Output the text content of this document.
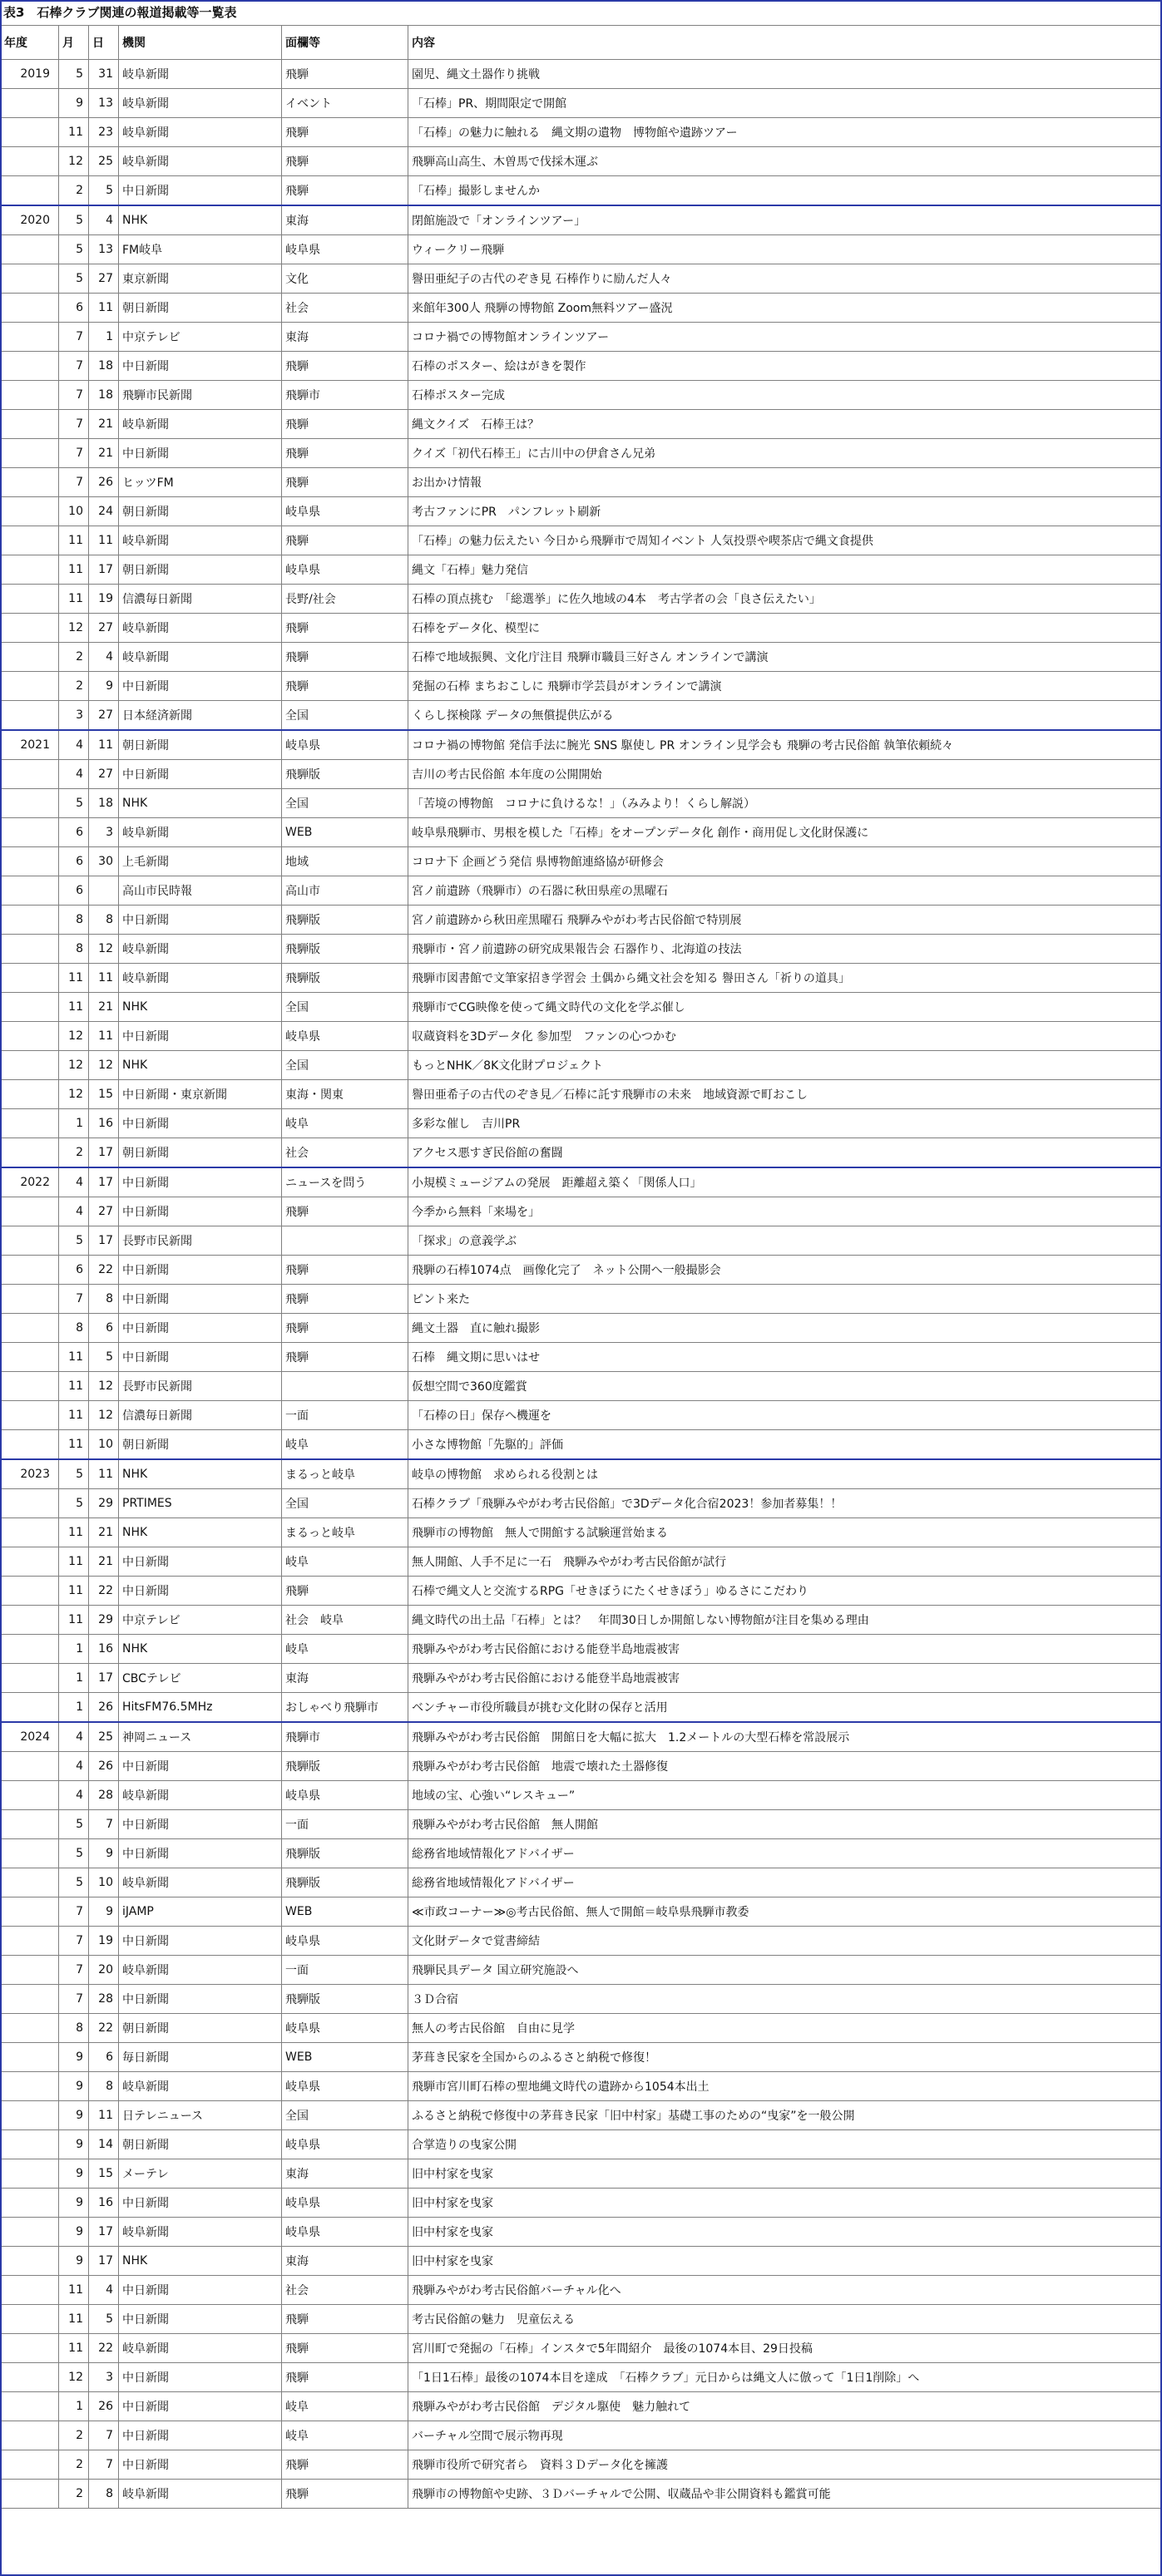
表3　石棒クラブ関連の報道掲載等一覧表
年度	月	日	機関	面欄等	内容
2019	5	31	岐阜新聞	飛騨	園児、縄文土器作り挑戦
	9	13	岐阜新聞	イベント	「石棒」PR、期間限定で開館
	11	23	岐阜新聞	飛騨	「石棒」の魅力に触れる　縄文期の遺物　博物館や遺跡ツアー
	12	25	岐阜新聞	飛騨	飛騨高山高生、木曽馬で伐採木運ぶ
	2	5	中日新聞	飛騨	「石棒」撮影しませんか
2020	5	4	NHK	東海	閉館施設で「オンラインツアー」
	5	13	FM岐阜	岐阜県	ウィークリー飛騨
	5	27	東京新聞	文化	譽田亜紀子の古代のぞき見 石棒作りに励んだ人々
	6	11	朝日新聞	社会	来館年300人 飛騨の博物館 Zoom無料ツアー盛況
	7	1	中京テレビ	東海	コロナ禍での博物館オンラインツアー
	7	18	中日新聞	飛騨	石棒のポスター、絵はがきを製作
	7	18	飛騨市民新聞	飛騨市	石棒ポスター完成
	7	21	岐阜新聞	飛騨	縄文クイズ　石棒王は？
	7	21	中日新聞	飛騨	クイズ「初代石棒王」に古川中の伊倉さん兄弟
	7	26	ヒッツFM	飛騨	お出かけ情報
	10	24	朝日新聞	岐阜県	考古ファンにPR　パンフレット刷新
	11	11	岐阜新聞	飛騨	「石棒」の魅力伝えたい 今日から飛騨市で周知イベント 人気投票や喫茶店で縄文食提供
	11	17	朝日新聞	岐阜県	縄文「石棒」魅力発信
	11	19	信濃毎日新聞	長野/社会	石棒の頂点挑む　「総選挙」に佐久地域の4本　考古学者の会「良さ伝えたい」
	12	27	岐阜新聞	飛騨	石棒をデータ化、模型に
	2	4	岐阜新聞	飛騨	石棒で地域振興、文化庁注目 飛騨市職員三好さん オンラインで講演
	2	9	中日新聞	飛騨	発掘の石棒 まちおこしに 飛騨市学芸員がオンラインで講演
	3	27	日本経済新聞	全国	くらし探検隊 データの無償提供広がる
2021	4	11	朝日新聞	岐阜県	コロナ禍の博物館 発信手法に腕光 SNS 駆使し PR オンライン見学会も 飛騨の考古民俗館 執筆依頼続々
	4	27	中日新聞	飛騨版	吉川の考古民俗館 本年度の公開開始
	5	18	NHK	全国	「苦境の博物館　コロナに負けるな！」（みみより！くらし解説）
	6	3	岐阜新聞	WEB	岐阜県飛騨市、男根を模した「石棒」をオープンデータ化 創作・商用促し文化財保護に
	6	30	上毛新聞	地域	コロナ下 企画どう発信 県博物館連絡協が研修会
	6		高山市民時報	高山市	宮ノ前遺跡（飛騨市）の石器に秋田県産の黒曜石
	8	8	中日新聞	飛騨版	宮ノ前遺跡から秋田産黒曜石 飛騨みやがわ考古民俗館で特別展
	8	12	岐阜新聞	飛騨版	飛騨市・宮ノ前遺跡の研究成果報告会 石器作り、北海道の技法
	11	11	岐阜新聞	飛騨版	飛騨市図書館で文筆家招き学習会 土偶から縄文社会を知る 譽田さん「祈りの道具」
	11	21	NHK	全国	飛騨市でCG映像を使って縄文時代の文化を学ぶ催し
	12	11	中日新聞	岐阜県	収蔵資料を3Dデータ化 参加型　ファンの心つかむ
	12	12	NHK	全国	もっとNHK／8K文化財プロジェクト
	12	15	中日新聞・東京新聞	東海・関東	譽田亜希子の古代のぞき見／石棒に託す飛騨市の未来　地域資源で町おこし
	1	16	中日新聞	岐阜	多彩な催し　吉川PR
	2	17	朝日新聞	社会	アクセス悪すぎ民俗館の奮闘
2022	4	17	中日新聞	ニュースを問う	小規模ミュージアムの発展　距離超え築く「関係人口」
	4	27	中日新聞	飛騨	今季から無料「来場を」
	5	17	長野市民新聞		「探求」の意義学ぶ
	6	22	中日新聞	飛騨	飛騨の石棒1074点　画像化完了　ネット公開へ一般撮影会
	7	8	中日新聞	飛騨	ピント来た
	8	6	中日新聞	飛騨	縄文土器　直に触れ撮影
	11	5	中日新聞	飛騨	石棒　縄文期に思いはせ
	11	12	長野市民新聞		仮想空間で360度鑑賞
	11	12	信濃毎日新聞	一面	「石棒の日」保存へ機運を
	11	10	朝日新聞	岐阜	小さな博物館「先駆的」評価
2023	5	11	NHK	まるっと岐阜	岐阜の博物館　求められる役割とは
	5	29	PRTIMES	全国	石棒クラブ「飛騨みやがわ考古民俗館」で3Dデータ化合宿2023！参加者募集！！
	11	21	NHK	まるっと岐阜	飛騨市の博物館　無人で開館する試験運営始まる
	11	21	中日新聞	岐阜	無人開館、人手不足に一石　飛騨みやがわ考古民俗館が試行
	11	22	中日新聞	飛騨	石棒で縄文人と交流するRPG「せきぼうにたくせきぼう」ゆるさにこだわり
	11	29	中京テレビ	社会　岐阜	縄文時代の出土品「石棒」とは？　年間30日しか開館しない博物館が注目を集める理由
	1	16	NHK	岐阜	飛騨みやがわ考古民俗館における能登半島地震被害
	1	17	CBCテレビ	東海	飛騨みやがわ考古民俗館における能登半島地震被害
	1	26	HitsFM76.5MHz	おしゃべり飛騨市	ベンチャー市役所職員が挑む文化財の保存と活用
2024	4	25	神岡ニュース	飛騨市	飛騨みやがわ考古民俗館　開館日を大幅に拡大　1.2メートルの大型石棒を常設展示
	4	26	中日新聞	飛騨版	飛騨みやがわ考古民俗館　地震で壊れた土器修復
	4	28	岐阜新聞	岐阜県	地域の宝、心強い“レスキュー”
	5	7	中日新聞	一面	飛騨みやがわ考古民俗館　無人開館
	5	9	中日新聞	飛騨版	総務省地域情報化アドバイザー
	5	10	岐阜新聞	飛騨版	総務省地域情報化アドバイザー
	7	9	iJAMP	WEB	≪市政コーナー≫◎考古民俗館、無人で開館＝岐阜県飛騨市教委
	7	19	中日新聞	岐阜県	文化財データで覚書締結
	7	20	岐阜新聞	一面	飛騨民具データ 国立研究施設へ
	7	28	中日新聞	飛騨版	３Ｄ合宿
	8	22	朝日新聞	岐阜県	無人の考古民俗館　自由に見学
	9	6	毎日新聞	WEB	茅葺き民家を全国からのふるさと納税で修復！
	9	8	岐阜新聞	岐阜県	飛騨市宮川町石棒の聖地縄文時代の遺跡から1054本出土
	9	11	日テレニュース	全国	ふるさと納税で修復中の茅葺き民家「旧中村家」基礎工事のための“曳家”を一般公開
	9	14	朝日新聞	岐阜県	合掌造りの曳家公開
	9	15	メーテレ	東海	旧中村家を曳家
	9	16	中日新聞	岐阜県	旧中村家を曳家
	9	17	岐阜新聞	岐阜県	旧中村家を曳家
	9	17	NHK	東海	旧中村家を曳家
	11	4	中日新聞	社会	飛騨みやがわ考古民俗館バーチャル化へ
	11	5	中日新聞	飛騨	考古民俗館の魅力　児童伝える
	11	22	岐阜新聞	飛騨	宮川町で発掘の「石棒」インスタで5年間紹介　最後の1074本目、29日投稿
	12	3	中日新聞	飛騨	「1日1石棒」最後の1074本目を達成　「石棒クラブ」元日からは縄文人に倣って「1日1削除」へ
	1	26	中日新聞	岐阜	飛騨みやがわ考古民俗館　デジタル駆使　魅力触れて
	2	7	中日新聞	岐阜	バーチャル空間で展示物再現
	2	7	中日新聞	飛騨	飛騨市役所で研究者ら　資料３Ｄデータ化を擁護
	2	8	岐阜新聞	飛騨	飛騨市の博物館や史跡、３Ｄバーチャルで公開、収蔵品や非公開資料も鑑賞可能
